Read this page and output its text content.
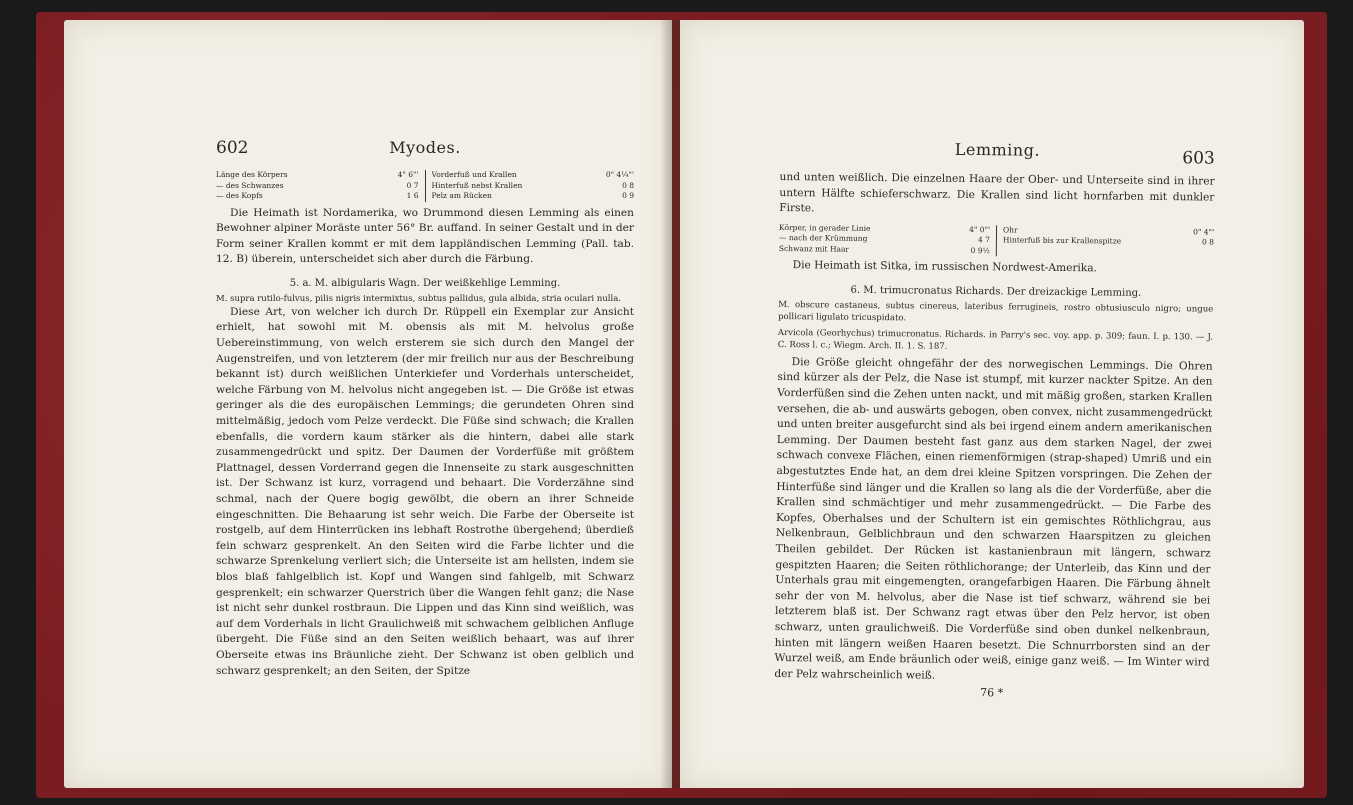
602	Myodes.
Länge des Körpers	4" 6"'
— des Schwanzes	0 7
— des Kopfs	1 6
Vorderfuß und Krallen	0" 4¼"'
Hinterfuß nebst Krallen	0 8
Pelz am Rücken	0 9

Die Heimath ist Nordamerika, wo Drummond diesen Lemming als einen Bewohner alpiner Moräste unter 56° Br. auffand. In seiner Gestalt und in der Form seiner Krallen kommt er mit dem lappländischen Lemming (Pall. tab. 12. B) überein, unterscheidet sich aber durch die Färbung.

5. a. M. albigularis Wagn. Der weißkehlige Lemming.

M. supra rutilo-fulvus, pilis nigris intermixtus, subtus pallidus, gula albida, stria oculari nulla.

Diese Art, von welcher ich durch Dr. Rüppell ein Exemplar zur Ansicht erhielt, hat sowohl mit M. obensis als mit M. helvolus große Uebereinstimmung, von welch ersterem sie sich durch den Mangel der Augenstreifen, und von letzterem (der mir freilich nur aus der Beschreibung bekannt ist) durch weißlichen Unterkiefer und Vorderhals unterscheidet, welche Färbung von M. helvolus nicht angegeben ist. — Die Größe ist etwas geringer als die des europäischen Lemmings; die gerundeten Ohren sind mittelmäßig, jedoch vom Pelze verdeckt. Die Füße sind schwach; die Krallen ebenfalls, die vordern kaum stärker als die hintern, dabei alle stark zusammengedrückt und spitz. Der Daumen der Vorderfüße mit größtem Plattnagel, dessen Vorderrand gegen die Innenseite zu stark ausgeschnitten ist. Der Schwanz ist kurz, vorragend und behaart. Die Vorderzähne sind schmal, nach der Quere bogig gewölbt, die obern an ihrer Schneide eingeschnitten. Die Behaarung ist sehr weich. Die Farbe der Oberseite ist rostgelb, auf dem Hinterrücken ins lebhaft Rostrothe übergehend; überdieß fein schwarz gesprenkelt. An den Seiten wird die Farbe lichter und die schwarze Sprenkelung verliert sich; die Unterseite ist am hellsten, indem sie blos blaß fahlgelblich ist. Kopf und Wangen sind fahlgelb, mit Schwarz gesprenkelt; ein schwarzer Querstrich über die Wangen fehlt ganz; die Nase ist nicht sehr dunkel rostbraun. Die Lippen und das Kinn sind weißlich, was auf dem Vorderhals in licht Graulichweiß mit schwachem gelblichen Anfluge übergeht. Die Füße sind an den Seiten weißlich behaart, was auf ihrer Oberseite etwas ins Bräunliche zieht. Der Schwanz ist oben gelblich und schwarz gesprenkelt; an den Seiten, der Spitze

Lemming.	603

und unten weißlich. Die einzelnen Haare der Ober- und Unterseite sind in ihrer untern Hälfte schieferschwarz. Die Krallen sind licht hornfarben mit dunkler Firste.

Körper, in gerader Linie	4" 0"'
— nach der Krümmung	4 7
Schwanz mit Haar	0 9½
Ohr	0" 4"'
Hinterfuß bis zur Krallenspitze	0 8

Die Heimath ist Sitka, im russischen Nordwest-Amerika.

6. M. trimucronatus Richards. Der dreizackige Lemming.

M. obscure castaneus, subtus cinereus, lateribus ferrugineis, rostro obtusiusculo nigro; ungue pollicari ligulato tricuspidato.

Arvicola (Georhychus) trimucronatus. Richards. in Parry's sec. voy. app. p. 309; faun. I. p. 130. — J. C. Ross l. c.; Wiegm. Arch. II. 1. S. 187.

Die Größe gleicht ohngefähr der des norwegischen Lemmings. Die Ohren sind kürzer als der Pelz, die Nase ist stumpf, mit kurzer nackter Spitze. An den Vorderfüßen sind die Zehen unten nackt, und mit mäßig großen, starken Krallen versehen, die ab- und auswärts gebogen, oben convex, nicht zusammengedrückt und unten breiter ausgefurcht sind als bei irgend einem andern amerikanischen Lemming. Der Daumen besteht fast ganz aus dem starken Nagel, der zwei schwach convexe Flächen, einen riemenförmigen (strap-shaped) Umriß und ein abgestutztes Ende hat, an dem drei kleine Spitzen vorspringen. Die Zehen der Hinterfüße sind länger und die Krallen so lang als die der Vorderfüße, aber die Krallen sind schmächtiger und mehr zusammengedrückt. — Die Farbe des Kopfes, Oberhalses und der Schultern ist ein gemischtes Röthlichgrau, aus Nelkenbraun, Gelblichbraun und den schwarzen Haarspitzen zu gleichen Theilen gebildet. Der Rücken ist kastanienbraun mit längern, schwarz gespitzten Haaren; die Seiten röthlichorange; der Unterleib, das Kinn und der Unterhals grau mit eingemengten, orangefarbigen Haaren. Die Färbung ähnelt sehr der von M. helvolus, aber die Nase ist tief schwarz, während sie bei letzterem blaß ist. Der Schwanz ragt etwas über den Pelz hervor, ist oben schwarz, unten graulichweiß. Die Vorderfüße sind oben dunkel nelkenbraun, hinten mit längern weißen Haaren besetzt. Die Schnurrborsten sind an der Wurzel weiß, am Ende bräunlich oder weiß, einige ganz weiß. — Im Winter wird der Pelz wahrscheinlich weiß.

76 *
